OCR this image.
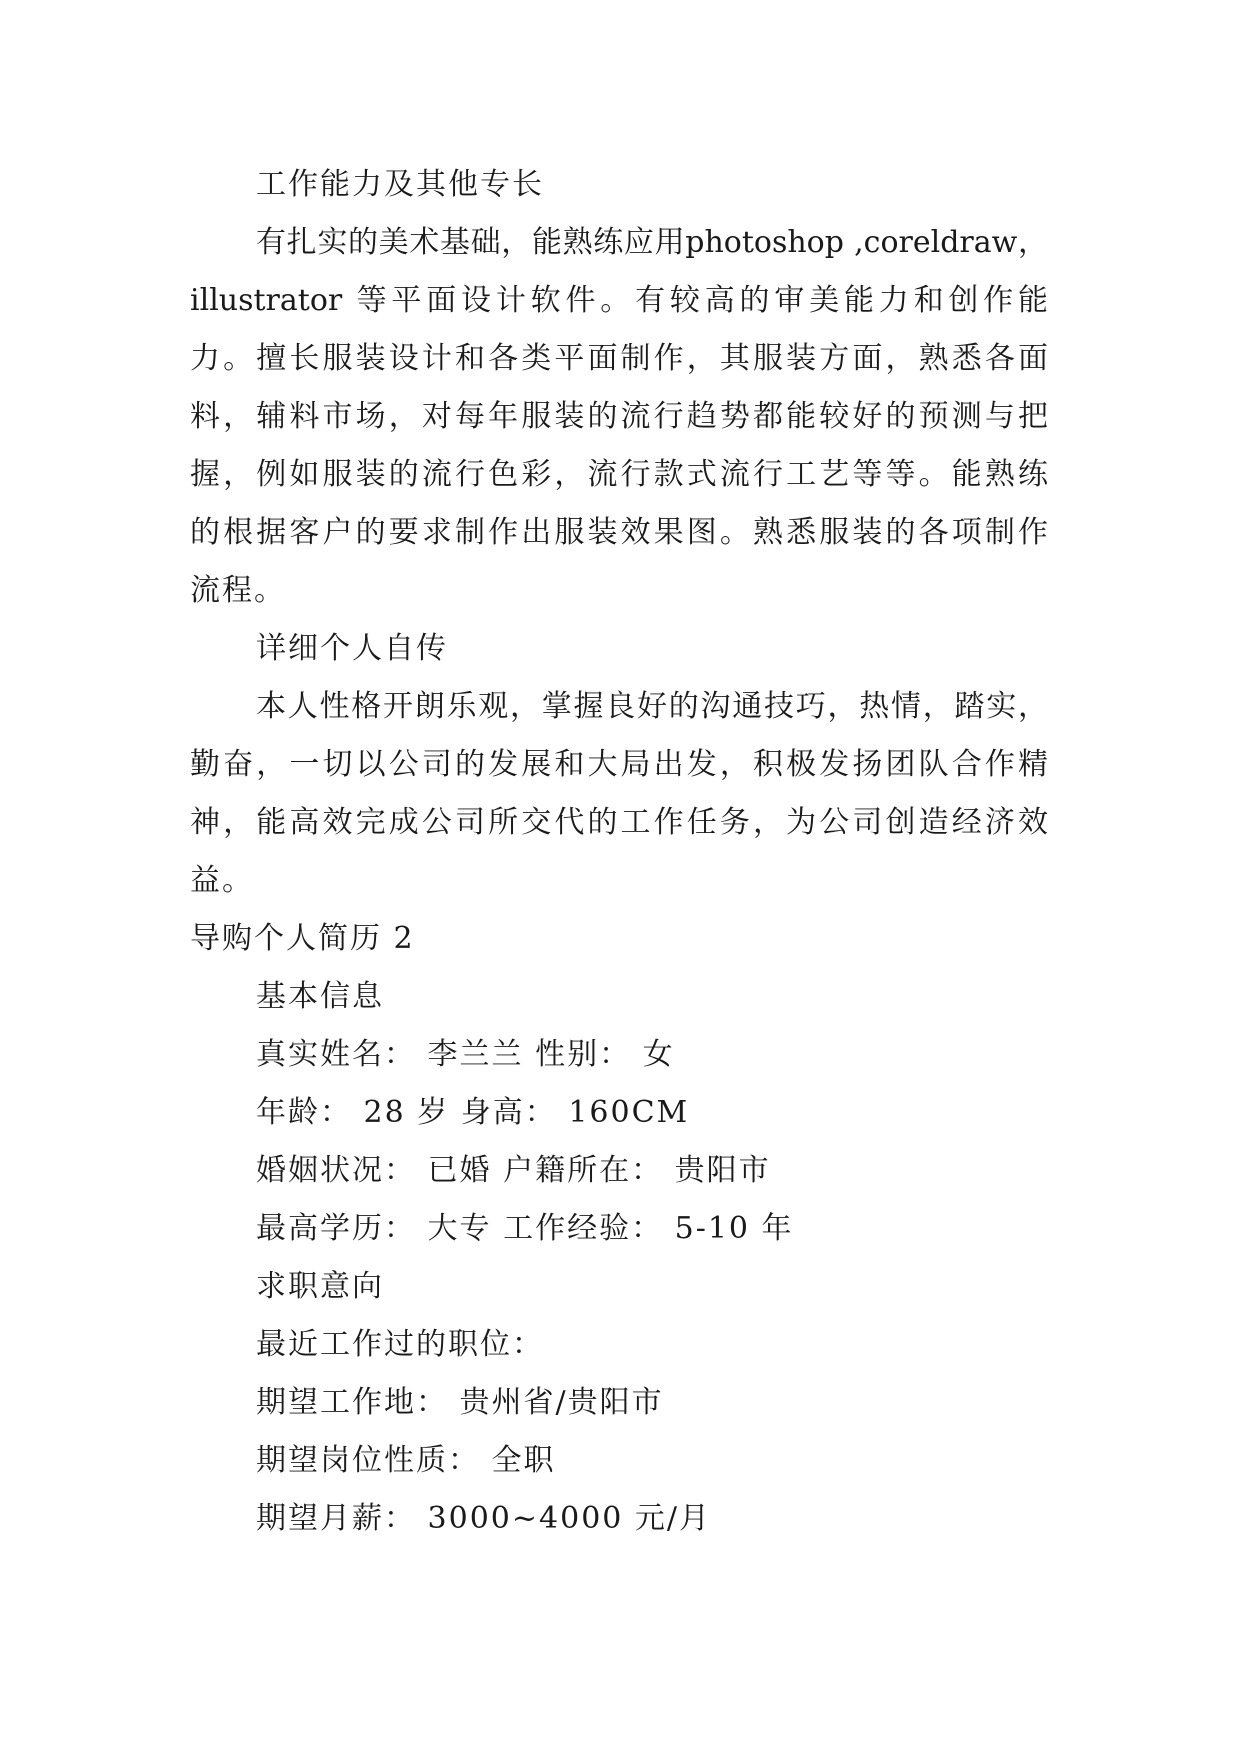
工作能力及其他专长
有扎实的美术基础，能熟练应用photoshop ,coreldraw，
illustrator 等平面设计软件。有较高的审美能力和创作能
力。擅长服装设计和各类平面制作，其服装方面，熟悉各面
料，辅料市场，对每年服装的流行趋势都能较好的预测与把
握，例如服装的流行色彩，流行款式流行工艺等等。能熟练
的根据客户的要求制作出服装效果图。熟悉服装的各项制作
流程。
详细个人自传
本人性格开朗乐观，掌握良好的沟通技巧，热情，踏实，
勤奋，一切以公司的发展和大局出发，积极发扬团队合作精
神，能高效完成公司所交代的工作任务，为公司创造经济效
益。
导购个人简历 2
基本信息
真实姓名： 李兰兰 性别： 女
年龄： 28 岁 身高： 160CM
婚姻状况： 已婚 户籍所在： 贵阳市
最高学历： 大专 工作经验： 5-10 年
求职意向
最近工作过的职位：
期望工作地： 贵州省/贵阳市
期望岗位性质： 全职
期望月薪： 3000~4000 元/月
